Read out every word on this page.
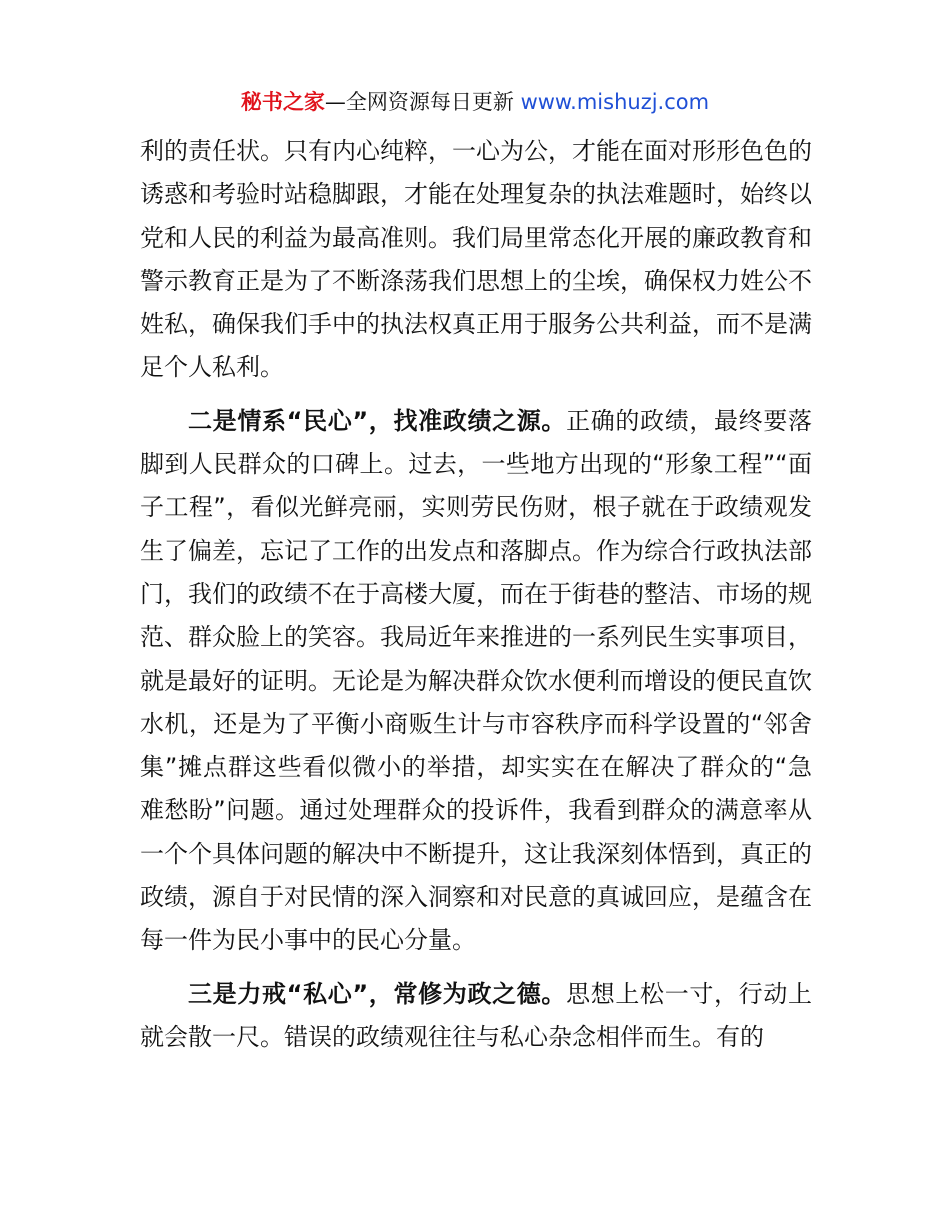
秘书之家—全网资源每日更新 www.mishuzj.com

利的责任状。只有内心纯粹，一心为公，才能在面对形形色色的诱惑和考验时站稳脚跟，才能在处理复杂的执法难题时，始终以党和人民的利益为最高准则。我们局里常态化开展的廉政教育和警示教育正是为了不断涤荡我们思想上的尘埃，确保权力姓公不姓私，确保我们手中的执法权真正用于服务公共利益，而不是满足个人私利。

二是情系“民心”，找准政绩之源。正确的政绩，最终要落脚到人民群众的口碑上。过去，一些地方出现的“形象工程”“面子工程”，看似光鲜亮丽，实则劳民伤财，根子就在于政绩观发生了偏差，忘记了工作的出发点和落脚点。作为综合行政执法部门，我们的政绩不在于高楼大厦，而在于街巷的整洁、市场的规范、群众脸上的笑容。我局近年来推进的一系列民生实事项目，就是最好的证明。无论是为解决群众饮水便利而增设的便民直饮水机，还是为了平衡小商贩生计与市容秩序而科学设置的“邻舍集”摊点群这些看似微小的举措，却实实在在解决了群众的“急难愁盼”问题。通过处理群众的投诉件，我看到群众的满意率从一个个具体问题的解决中不断提升，这让我深刻体悟到，真正的政绩，源自于对民情的深入洞察和对民意的真诚回应，是蕴含在每一件为民小事中的民心分量。

三是力戒“私心”，常修为政之德。思想上松一寸，行动上就会散一尺。错误的政绩观往往与私心杂念相伴而生。有的
